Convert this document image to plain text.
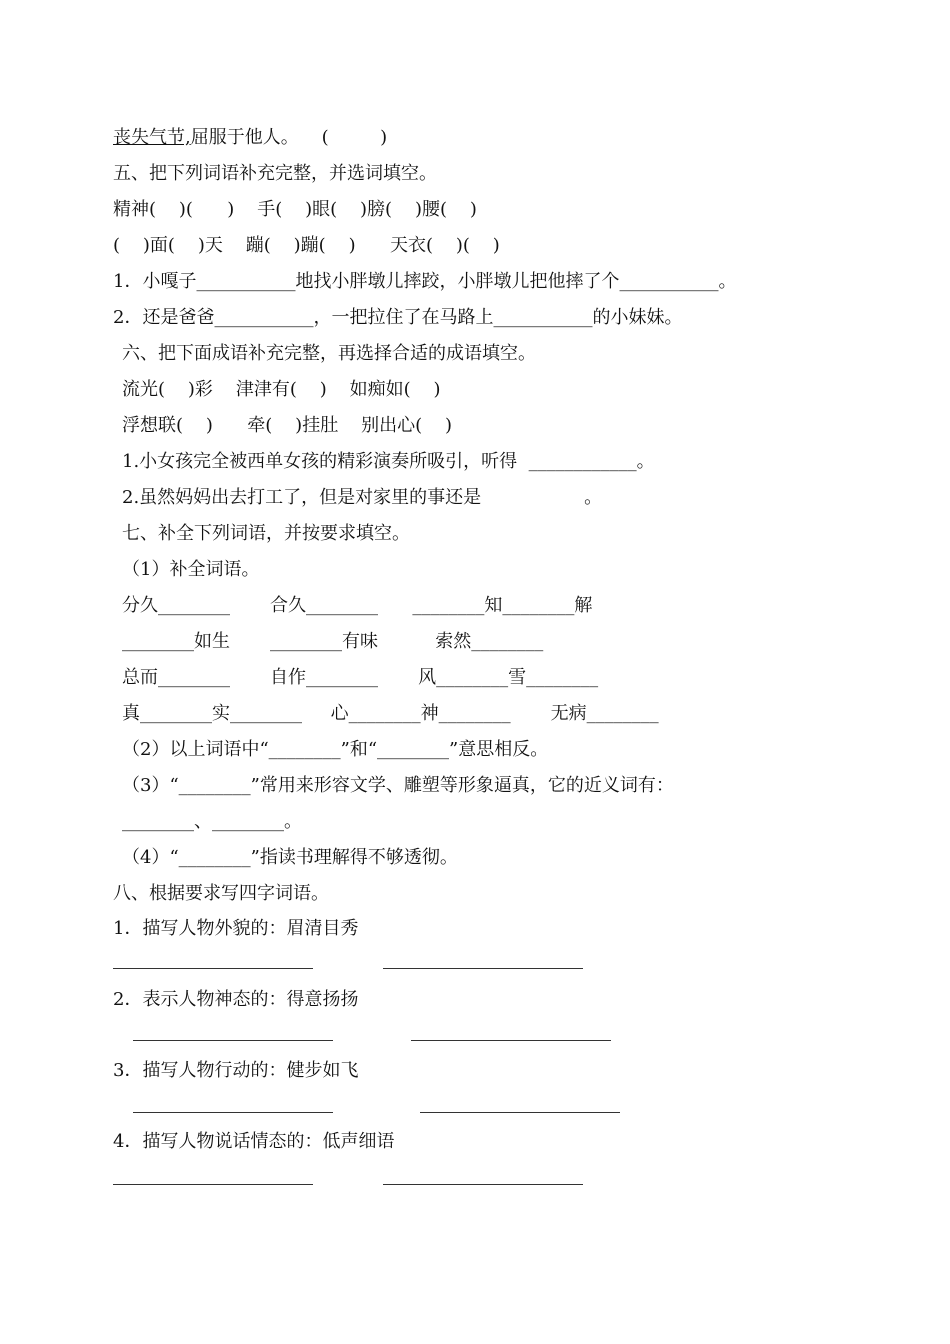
丧失气节,屈服于他人。    (         )
五、把下列词语补充完整，并选词填空。
精神(    )(      )    手(    )眼(    )膀(    )腰(    )
(    )面(    )天    蹦(    )蹦(    )      天衣(    )(    )
1．小嘎子___________地找小胖墩儿摔跤，小胖墩儿把他摔了个___________。
2．还是爸爸___________，一把拉住了在马路上___________的小妹妹。
六、把下面成语补充完整，再选择合适的成语填空。
流光(    )彩    津津有(    )    如痴如(    )
浮想联(    )      牵(    )挂肚    别出心(    )
1.小女孩完全被西单女孩的精彩演奏所吸引，听得  ____________。
2.虽然妈妈出去打工了，但是对家里的事还是                  。
七、补全下列词语，并按要求填空。
（1）补全词语。
分久________       合久________      ________知________解
________如生       ________有味          索然________
总而________       自作________       风________雪________
真________实________     心________神________       无病________
（2）以上词语中“________”和“________”意思相反。
（3）“________”常用来形容文学、雕塑等形象逼真，它的近义词有：
________、________。
（4）“________”指读书理解得不够透彻。
八、根据要求写四字词语。
1．描写人物外貌的：眉清目秀
2．表示人物神态的：得意扬扬
3．描写人物行动的：健步如飞
4．描写人物说话情态的：低声细语
